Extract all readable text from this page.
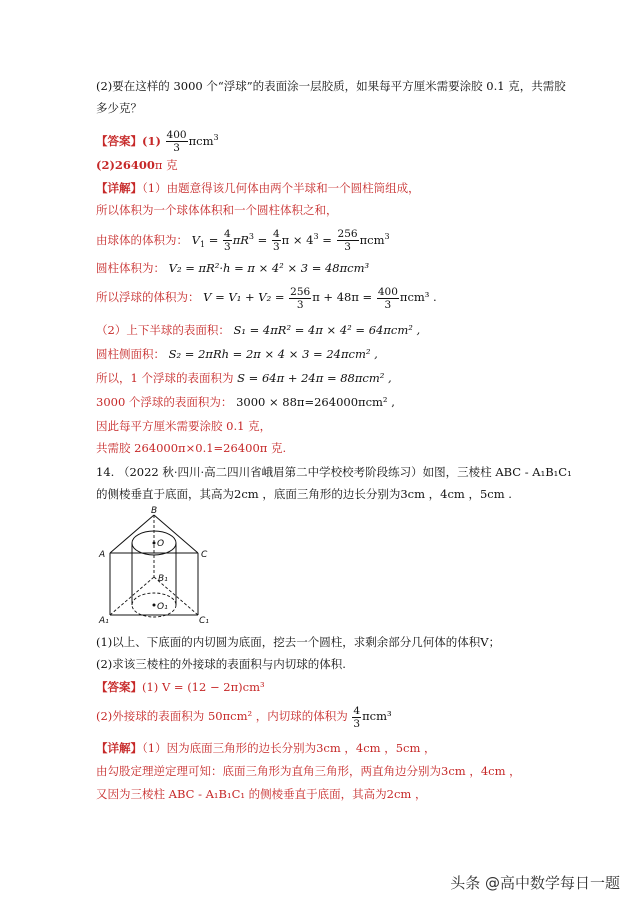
(2)要在这样的 3000 个“浮球”的表面涂一层胶质，如果每平方厘米需要涂胶 0.1 克，共需胶
多少克？
【答案】$(1) \frac{400}{3} \pi cm^3$
(2)26400π 克
【详解】（1）由题意得该几何体由两个半球和一个圆柱筒组成，
所以体积为一个球体体积和一个圆柱体积之和，
由球体的体积为： $V_1 = \frac{4}{3} \pi R^3 = \frac{4}{3}$ $\pi \times 4^3 = \frac{256}{3} \pi cm^3$
圆柱体积为： V₂ = πR²·h = π × 4² × 3 = 48πcm³
所以浮球的体积为： $V = V_1 + V_2 = \frac{256}{3}$ $\pi + 48\pi = \frac{400}{3} \pi cm^3$ .
（2）上下半球的表面积： S₁ = 4πR² = 4π × 4² = 64πcm² ,
圆柱侧面积： S₂ = 2πRh = 2π × 4 × 3 = 24πcm² ,
所以，1 个浮球的表面积为 S = 64π + 24π = 88πcm² ,
3000 个浮球的表面积为： 3000 × 88π=264000πcm² ,
因此每平方厘米需要涂胶 0.1 克，
共需胶 264000π×0.1=26400π 克.
14. （2022 秋·四川·高二四川省峨眉第二中学校校考阶段练习）如图，三棱柱 ABC - A₁B₁C₁
的侧棱垂直于底面，其高为2cm ，底面三角形的边长分别为3cm ，4cm ，5cm .
B
O
A	C
B₁
O₁
A₁	C₁
(1)以上、下底面的内切圆为底面，挖去一个圆柱，求剩余部分几何体的体积V；
(2)求该三棱柱的外接球的表面积与内切球的体积.
【答案】(1) V = (12 − 2π)cm³
(2)外接球的表面积为 50πcm² ，内切球的体积为 $\frac{4}{3} \pi cm^3$
【详解】（1）因为底面三角形的边长分别为3cm ，4cm ，5cm ，
由勾股定理逆定理可知：底面三角形为直角三角形，两直角边分别为3cm ，4cm ，
又因为三棱柱 ABC - A₁B₁C₁ 的侧棱垂直于底面，其高为2cm ，
头条 @高中数学每日一题
